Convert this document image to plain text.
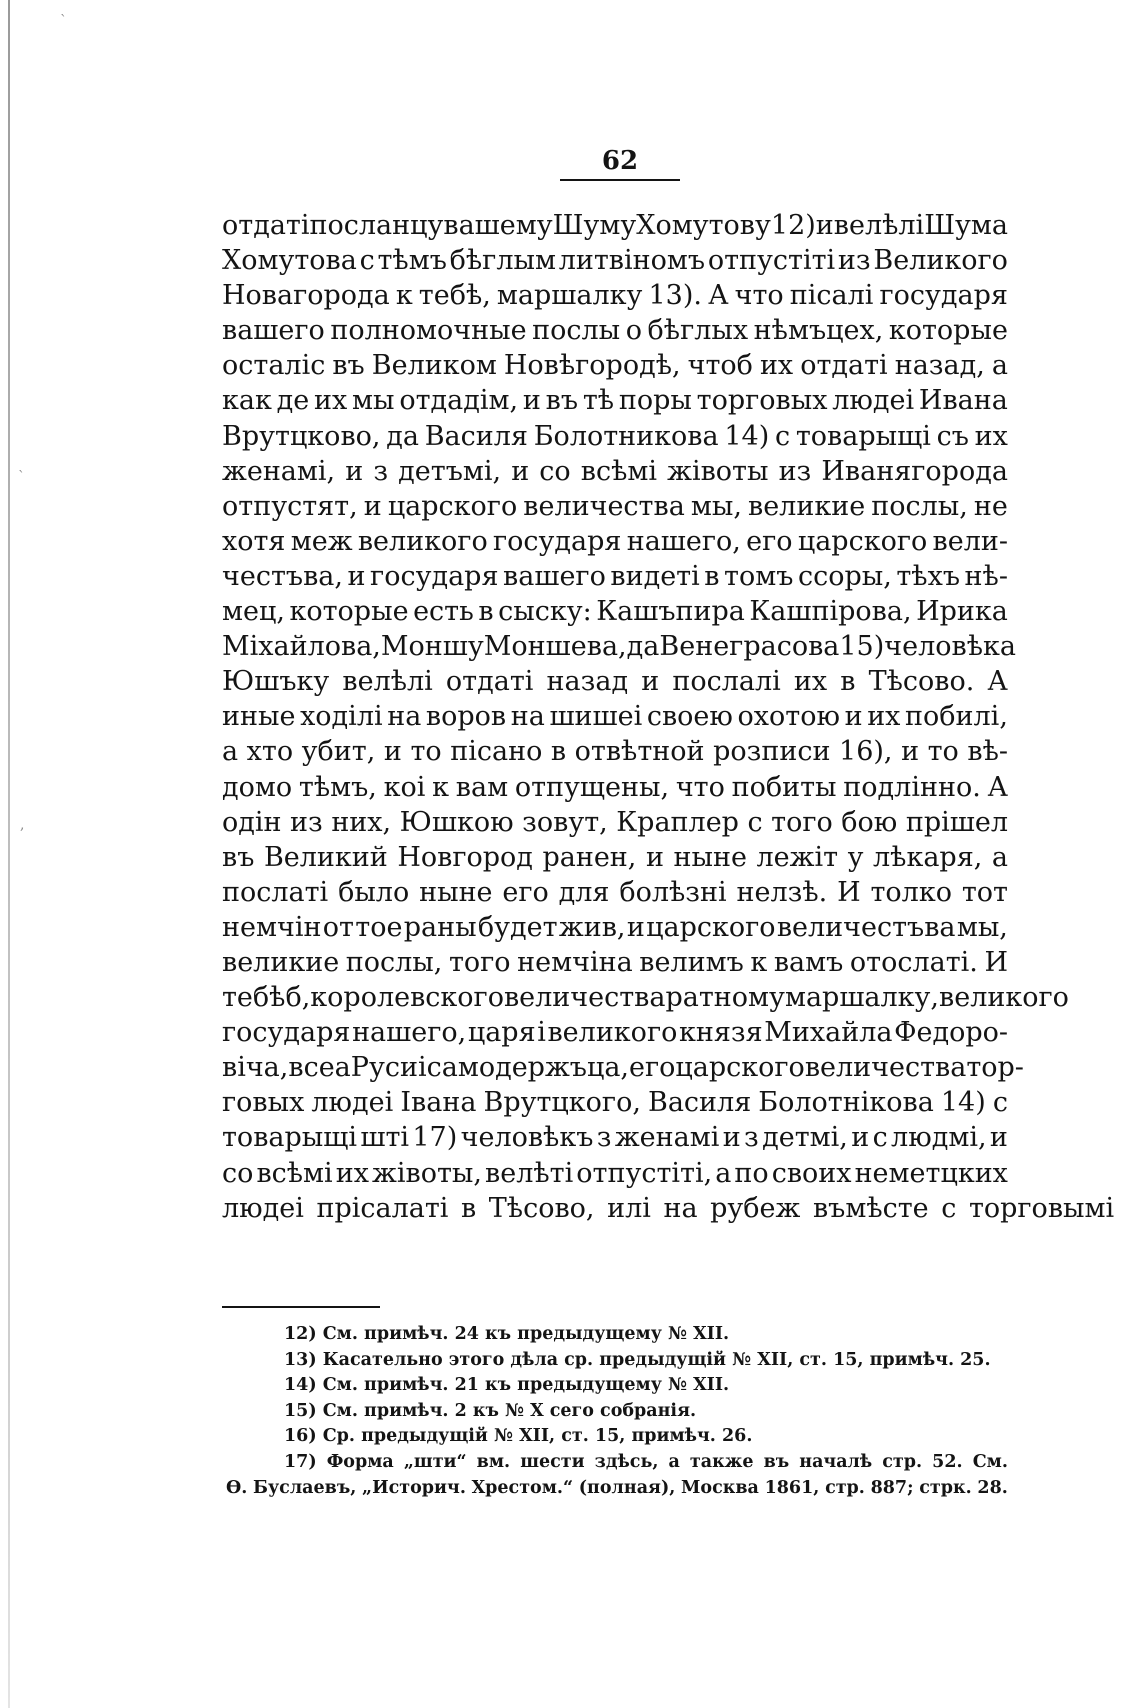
`
`
,
62
отдаті посланцу вашему Шуму Хомутову 12) и велѣлі Шума
Хомутова с тѣмъ бѣглым литвіномъ отпустіті из Великого
Новагорода к тебѣ, маршалку 13). А что пісалі государя
вашего полномочные послы о бѣглых нѣмъцех, которые
осталіс въ Великом Новѣгородѣ, чтоб их отдаті назад, а
как де их мы отдадім, и въ тѣ поры торговых людеі Ивана
Врутцково, да Василя Болотникова 14) с товарыщі съ их
женамі, и з детъмі, и со всѣмі жівоты из Иванягорода
отпустят, и царского величества мы, великие послы, не
хотя меж великого государя нашего, его царского вели-
честъва, и государя вашего видеті в томъ ссоры, тѣхъ нѣ-
мец, которые есть в сыску: Кашъпира Кашпірова, Ирика
Міхайлова, Моншу Моншева, да Венеграсова 15) человѣка
Юшъку велѣлі отдаті назад и послалі их в Тѣсово. А
иные ходілі на воров на шишеі своею охотою и их побилі,
а хто убит, и то пісано в отвѣтной розписи 16), и то вѣ-
домо тѣмъ, коі к вам отпущены, что побиты подлінно. А
одін из них, Юшкою зовут, Краплер с того бою прішел
въ Великий Новгород ранен, и ныне лежіт у лѣкаря, а
послаті было ныне его для болѣзні нелзѣ. И толко тот
немчін от тое раны будет жив, и царского величестъва мы,
великие послы, того немчіна велимъ к вамъ отослаті. И
тебѣ б, королевского величества ратному маршалку, великого
государя нашего, царя і великого князя Михайла Федоро-
віча, всеа Русиі самодержъца, его царского величества тор-
говых людеі Івана Врутцкого, Василя Болотнікова 14) с
товарыщі штi 17) человѣкъ з женамі и з детмі, и с людмі, и
со всѣмі их жівоты, велѣті отпустіті, а по своих неметцких
людеі прісалаті в Тѣсово, илі на рубеж въмѣсте с торговымі
12) См. примѣч. 24 къ предыдущему № XII.
13) Касательно этого дѣла ср. предыдущій № XII, ст. 15, примѣч. 25.
14) См. примѣч. 21 къ предыдущему № XII.
15) См. примѣч. 2 къ № X сего собранія.
16) Ср. предыдущій № XII, ст. 15, примѣч. 26.
17) Форма „шти“ вм. шести здѣсь, а также въ началѣ стр. 52. См.
Ѳ. Буслаевъ, „Историч. Хрестом.“ (полная), Москва 1861, стр. 887; стрк. 28.
